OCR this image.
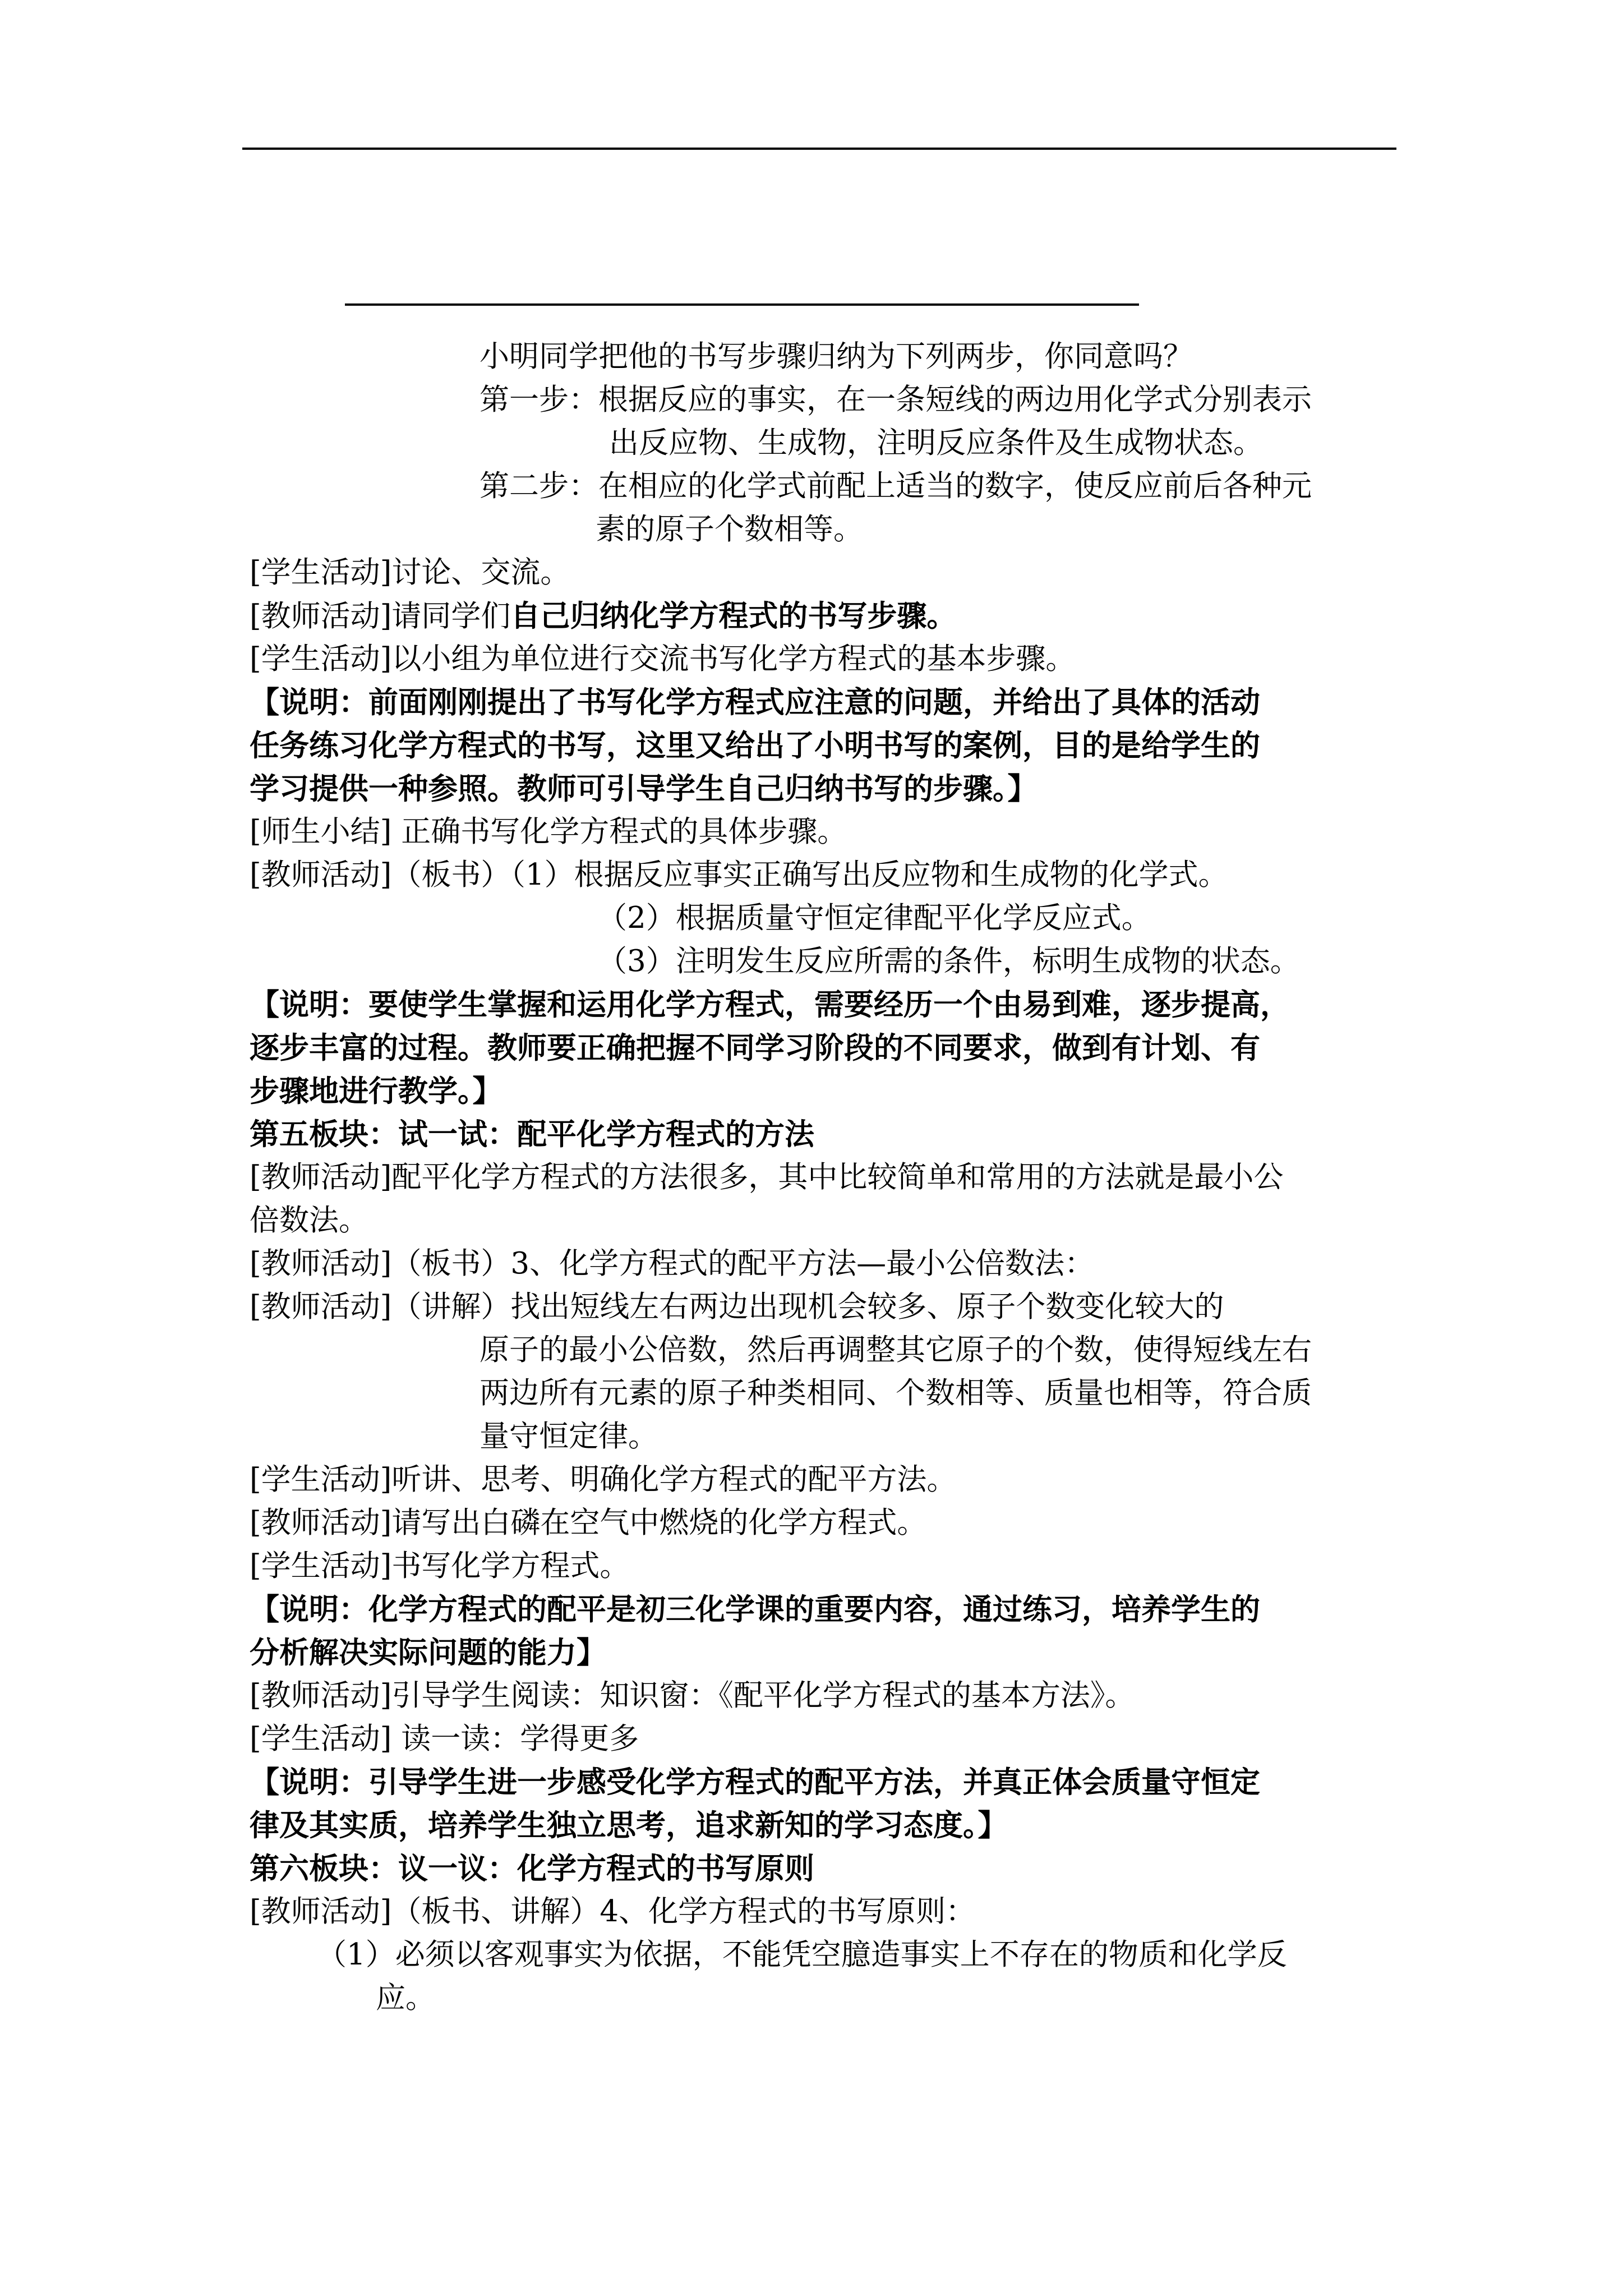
小明同学把他的书写步骤归纳为下列两步，你同意吗？

第一步：根据反应的事实，在一条短线的两边用化学式分别表示

出反应物、生成物，注明反应条件及生成物状态。

第二步：在相应的化学式前配上适当的数字，使反应前后各种元

素的原子个数相等。

[学生活动]讨论、交流。

[教师活动]请同学们自己归纳化学方程式的书写步骤。

[学生活动]以小组为单位进行交流书写化学方程式的基本步骤。

【说明：前面刚刚提出了书写化学方程式应注意的问题，并给出了具体的活动

任务练习化学方程式的书写，这里又给出了小明书写的案例，目的是给学生的

学习提供一种参照。教师可引导学生自己归纳书写的步骤。】

[师生小结] 正确书写化学方程式的具体步骤。

[教师活动]（板书）（1）根据反应事实正确写出反应物和生成物的化学式。

（2）根据质量守恒定律配平化学反应式。

（3）注明发生反应所需的条件，标明生成物的状态。

【说明：要使学生掌握和运用化学方程式，需要经历一个由易到难，逐步提高，

逐步丰富的过程。教师要正确把握不同学习阶段的不同要求，做到有计划、有

步骤地进行教学。】

第五板块：试一试：配平化学方程式的方法

[教师活动]配平化学方程式的方法很多，其中比较简单和常用的方法就是最小公

倍数法。

[教师活动]（板书）3、化学方程式的配平方法—最小公倍数法：

[教师活动]（讲解）找出短线左右两边出现机会较多、原子个数变化较大的

原子的最小公倍数，然后再调整其它原子的个数，使得短线左右

两边所有元素的原子种类相同、个数相等、质量也相等，符合质

量守恒定律。

[学生活动]听讲、思考、明确化学方程式的配平方法。

[教师活动]请写出白磷在空气中燃烧的化学方程式。

[学生活动]书写化学方程式。

【说明：化学方程式的配平是初三化学课的重要内容，通过练习，培养学生的

分析解决实际问题的能力】

[教师活动]引导学生阅读：知识窗：《配平化学方程式的基本方法》。

[学生活动] 读一读：学得更多

【说明：引导学生进一步感受化学方程式的配平方法，并真正体会质量守恒定

律及其实质，培养学生独立思考，追求新知的学习态度。】

第六板块：议一议：化学方程式的书写原则

[教师活动]（板书、讲解）4、化学方程式的书写原则：

（1）必须以客观事实为依据，不能凭空臆造事实上不存在的物质和化学反

应。
